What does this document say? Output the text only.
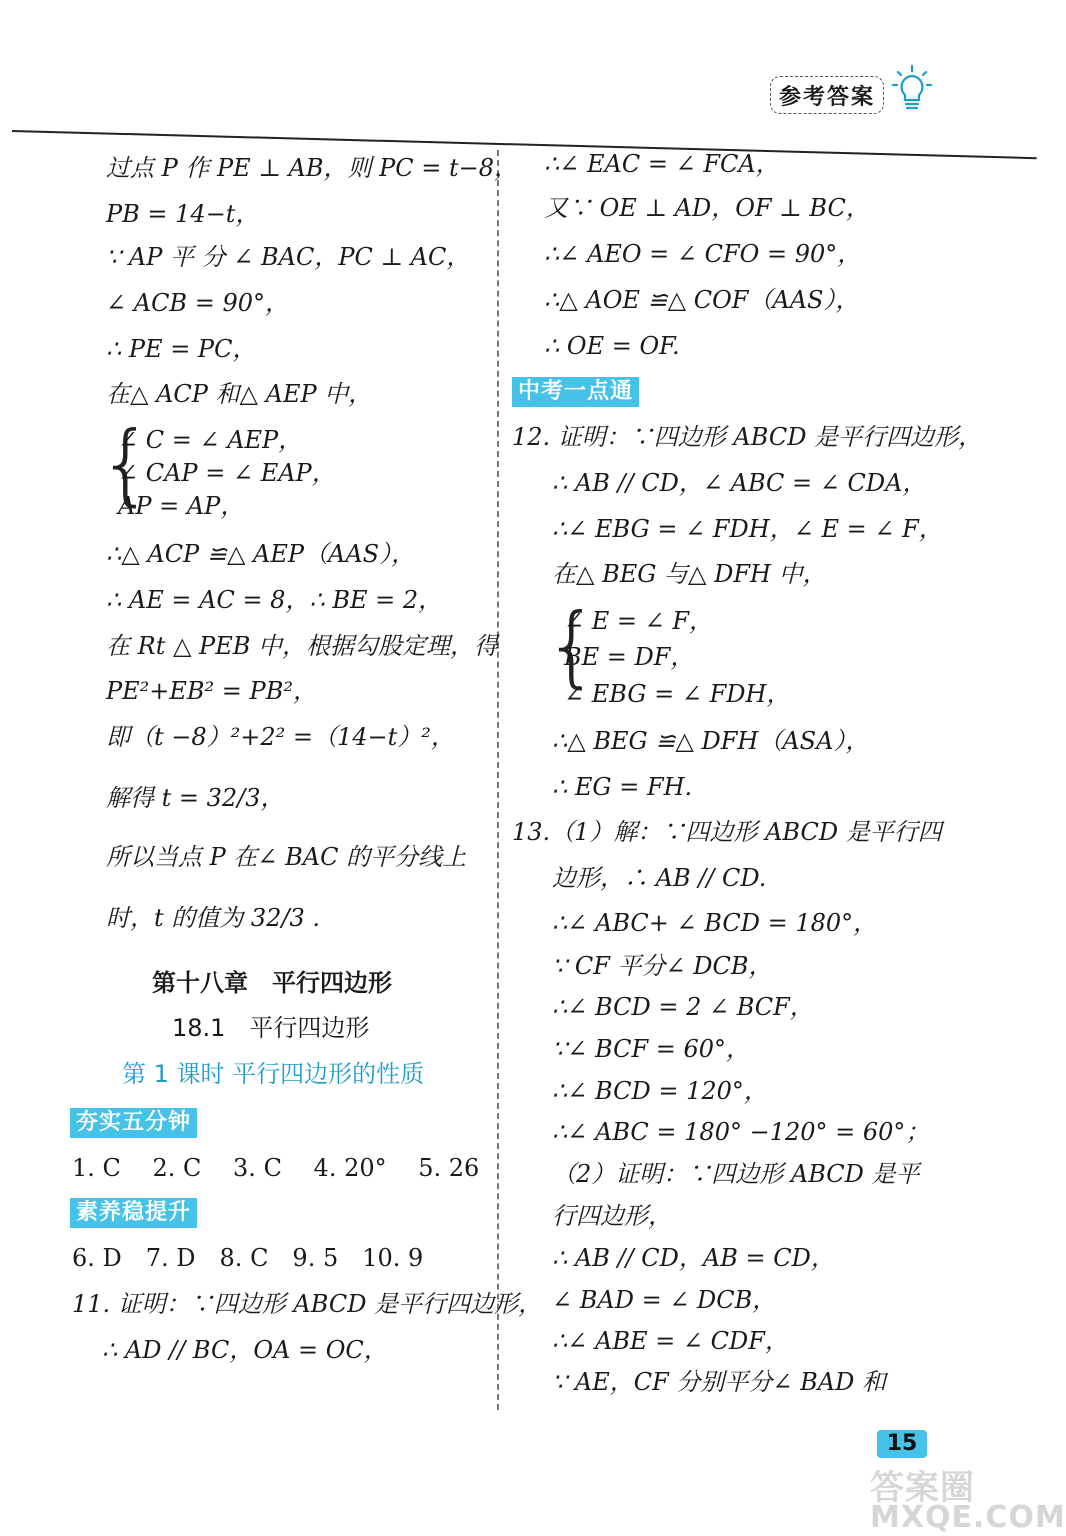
参考答案
过点 P 作 PE ⊥ AB，则 PC = t−8，
PB = 14−t，
∵ AP 平 分 ∠ BAC，PC ⊥ AC，
∠ ACB = 90°，
∴ PE = PC，
在△ ACP 和△ AEP 中，
{
∠ C = ∠ AEP，
∠ CAP = ∠ EAP，
AP = AP，
∴△ ACP ≌△ AEP（AAS），
∴ AE = AC = 8，∴ BE = 2，
在 Rt △ PEB 中，根据勾股定理，得
PE²+EB² = PB²，
即（t −8）²+2² =（14−t）²，
解得 t = 32/3，
所以当点 P 在∠ BAC 的平分线上
时，t 的值为 32/3 .
第十八章　平行四边形
18.1　平行四边形
第 1 课时 平行四边形的性质
夯实五分钟
1. C　 2. C　 3. C　 4. 20°　 5. 26
素养稳提升
6. D　7. D　8. C　9. 5　10. 9
11. 证明：∵四边形 ABCD 是平行四边形，
∴ AD // BC，OA = OC，
∴∠ EAC = ∠ FCA，
又∵ OE ⊥ AD，OF ⊥ BC，
∴∠ AEO = ∠ CFO = 90°，
∴△ AOE ≌△ COF（AAS），
∴ OE = OF.
中考一点通
12. 证明：∵四边形 ABCD 是平行四边形，
∴ AB // CD，∠ ABC = ∠ CDA，
∴∠ EBG = ∠ FDH，∠ E = ∠ F，
在△ BEG 与△ DFH 中，
{
∠ E = ∠ F，
BE = DF，
∠ EBG = ∠ FDH，
∴△ BEG ≌△ DFH（ASA），
∴ EG = FH.
13.（1）解：∵四边形 ABCD 是平行四
边形，∴ AB // CD.
∴∠ ABC+ ∠ BCD = 180°，
∵ CF 平分∠ DCB，
∴∠ BCD = 2 ∠ BCF，
∵∠ BCF = 60°，
∴∠ BCD = 120°，
∴∠ ABC = 180° −120° = 60°；
（2）证明：∵四边形 ABCD 是平
行四边形，
∴ AB // CD，AB = CD，
∠ BAD = ∠ DCB，
∴∠ ABE = ∠ CDF，
∵ AE，CF 分别平分∠ BAD 和
15
答案圈
MXQE.COM
